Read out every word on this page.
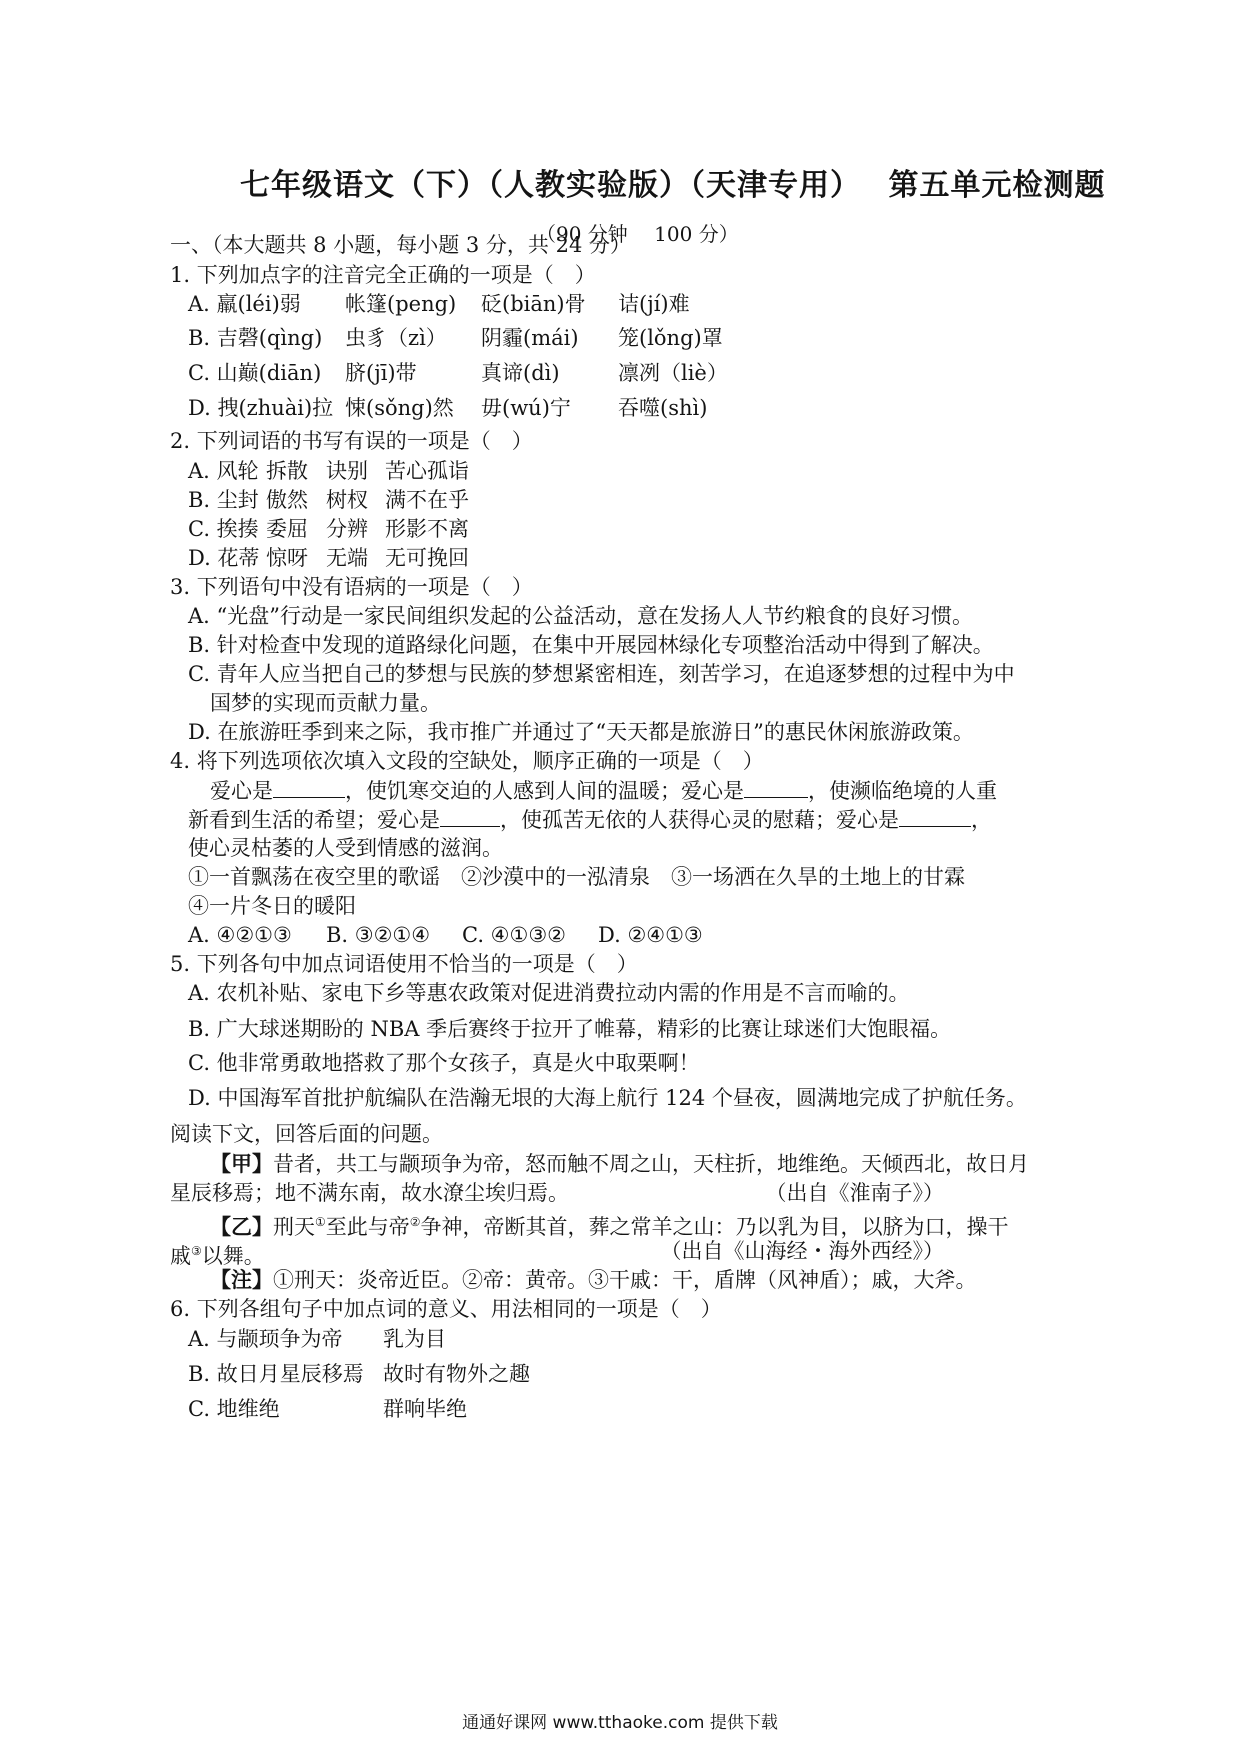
七年级语文（下）（人教实验版）（天津专用）　 第五单元检测题
（90 分钟　 100 分）
一、（本大题共 8 小题，每小题 3 分，共 24 分）
1. 下列加点字的注音完全正确的一项是（　）
A. 羸(léi)弱 帐篷(peng) 砭(biān)骨 诘(jí)难
B. 吉磬(qìng) 虫豸（zì） 阴霾(mái) 笼(lǒng)罩
C. 山巅(diān) 脐(jī)带	真谛(dì)	凛冽（liè）
D. 拽(zhuài)拉 悚(sǒng)然 毋(wú)宁 吞噬(shì)
2. 下列词语的书写有误的一项是（　）
A. 风轮 拆散 诀别 苦心孤诣
B. 尘封 傲然 树杈 满不在乎
C. 挨揍 委屈 分辨 形影不离
D. 花蒂 惊呀 无端 无可挽回
3. 下列语句中没有语病的一项是（　）
A. “光盘”行动是一家民间组织发起的公益活动，意在发扬人人节约粮食的良好习惯。
B. 针对检查中发现的道路绿化问题，在集中开展园林绿化专项整治活动中得到了解决。
C. 青年人应当把自己的梦想与民族的梦想紧密相连，刻苦学习，在追逐梦想的过程中为中
国梦的实现而贡献力量。
D. 在旅游旺季到来之际，我市推广并通过了“天天都是旅游日”的惠民休闲旅游政策。
4. 将下列选项依次填入文段的空缺处，顺序正确的一项是（　）
爱心是	，使饥寒交迫的人感到人间的温暖；爱心是	，使濒临绝境的人重
新看到生活的希望；爱心是	，使孤苦无依的人获得心灵的慰藉；爱心是	，
使心灵枯萎的人受到情感的滋润。
①一首飘荡在夜空里的歌谣　②沙漠中的一泓清泉　③一场洒在久旱的土地上的甘霖
④一片冬日的暖阳
A. ④②①③ B. ③②①④ C. ④①③② D. ②④①③
5. 下列各句中加点词语使用不恰当的一项是（　）
A. 农机补贴、家电下乡等惠农政策对促进消费拉动内需的作用是不言而喻的。
B. 广大球迷期盼的 NBA 季后赛终于拉开了帷幕，精彩的比赛让球迷们大饱眼福。
C. 他非常勇敢地搭救了那个女孩子，真是火中取栗啊！
D. 中国海军首批护航编队在浩瀚无垠的大海上航行 124 个昼夜，圆满地完成了护航任务。
阅读下文，回答后面的问题。
【甲】昔者，共工与颛顼争为帝，怒而触不周之山，天柱折，地维绝。天倾西北，故日月
星辰移焉；地不满东南，故水潦尘埃归焉。	（出自《淮南子》）
【乙】刑天①至此与帝②争神，帝断其首，葬之常羊之山：乃以乳为目，以脐为口，操干
戚③以舞。	（出自《山海经・海外西经》）
【注】①刑天：炎帝近臣。②帝：黄帝。③干戚：干，盾牌（风神盾）；戚，大斧。
6. 下列各组句子中加点词的意义、用法相同的一项是（　）
A. 与颛顼争为帝 乳为目
B. 故日月星辰移焉 故时有物外之趣
C. 地维绝	群响毕绝
通通好课网 www.tthaoke.com 提供下载
